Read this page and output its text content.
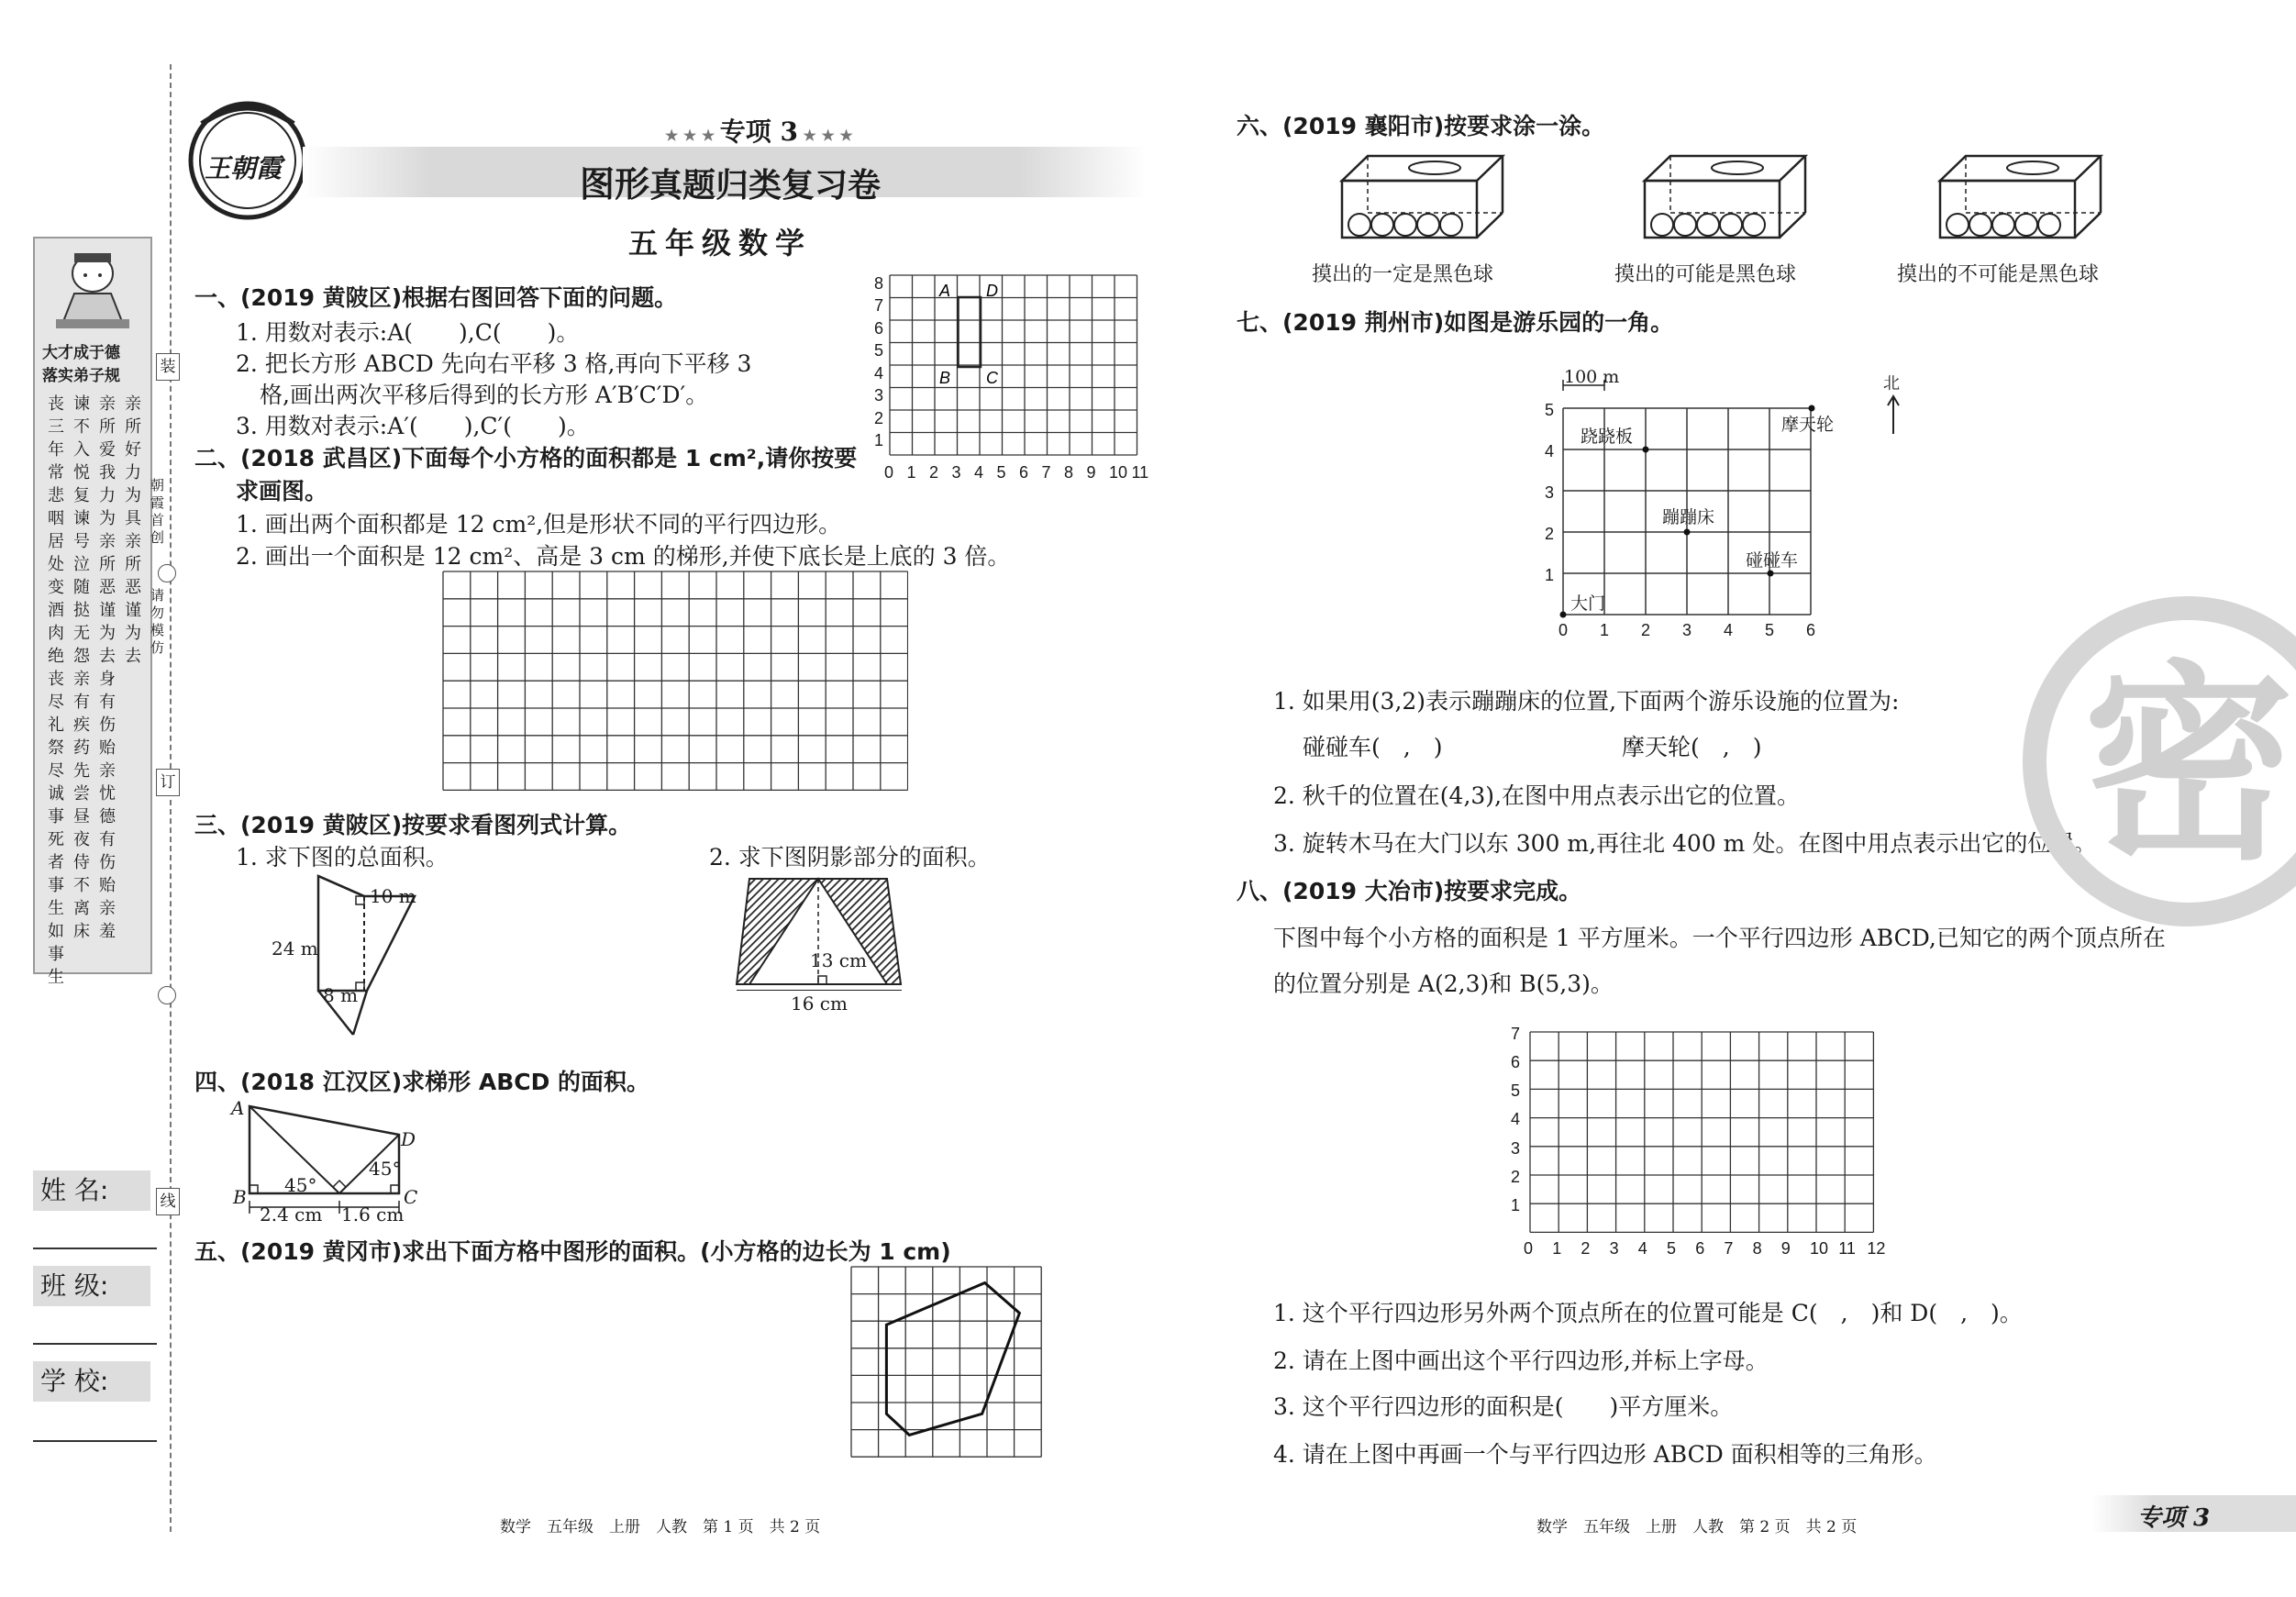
大才成于德
落实弟子规
丧三年常悲咽居处变酒肉绝丧尽礼祭尽诚事死者事生如事生
谏不入悦复谏号泣随挞无怨亲有疾药先尝昼夜侍不离床
亲所爱我力为亲所恶谨为去身有伤贻亲忧德有伤贻亲羞
亲所好力为具亲所恶谨为去
装
订
线
朝霞首创
请勿模仿
姓 名:
班 级:
学 校:
王朝霞
★ ★ ★ 专项 3 ★ ★ ★
图形真题归类复习卷
五年级数学
一、(2019 黄陂区)根据右图回答下面的问题。
1. 用数对表示:A(　　),C(　　)。
2. 把长方形 ABCD 先向右平移 3 格,再向下平移 3
格,画出两次平移后得到的长方形 A′B′C′D′。
3. 用数对表示:A′(　　),C′(　　)。
A D
B C
0 1 2 3 4 5 6 7 8 9 10 11
1
2
3
4
5
6
7
8
二、(2018 武昌区)下面每个小方格的面积都是 1 cm²,请你按要
求画图。
1. 画出两个面积都是 12 cm²,但是形状不同的平行四边形。
2. 画出一个面积是 12 cm²、高是 3 cm 的梯形,并使下底长是上底的 3 倍。
三、(2019 黄陂区)按要求看图列式计算。
1. 求下图的总面积。	2. 求下图阴影部分的面积。
10 m
24 m
8 m
13 cm
16 cm
四、(2018 江汉区)求梯形 ABCD 的面积。
A
D
B	C
45°
45°
2.4 cm 1.6 cm
五、(2019 黄冈市)求出下面方格中图形的面积。(小方格的边长为 1 cm)
六、(2019 襄阳市)按要求涂一涂。
摸出的一定是黑色球	摸出的可能是黑色球	摸出的不可能是黑色球
七、(2019 荆州市)如图是游乐园的一角。
100 m
跷跷板
摩天轮
蹦蹦床
碰碰车
大门
北
0 1 2 3 4 5 6
1
2
3
4
5
1. 如果用(3,2)表示蹦蹦床的位置,下面两个游乐设施的位置为:
碰碰车(　,　)	摩天轮(　,　)
2. 秋千的位置在(4,3),在图中用点表示出它的位置。
3. 旋转木马在大门以东 300 m,再往北 400 m 处。在图中用点表示出它的位置。
八、(2019 大冶市)按要求完成。
下图中每个小方格的面积是 1 平方厘米。一个平行四边形 ABCD,已知它的两个顶点所在
的位置分别是 A(2,3)和 B(5,3)。
0 1 2 3 4 5 6 7 8 9 10 11 12
1
2
3
4
5
6
7
1. 这个平行四边形另外两个顶点所在的位置可能是 C(　,　)和 D(　,　)。
2. 请在上图中画出这个平行四边形,并标上字母。
3. 这个平行四边形的面积是(　　)平方厘米。
4. 请在上图中再画一个与平行四边形 ABCD 面积相等的三角形。
密
数学　五年级　上册　人教　第 1 页　共 2 页	数学　五年级　上册　人教　第 2 页　共 2 页	专项 3
